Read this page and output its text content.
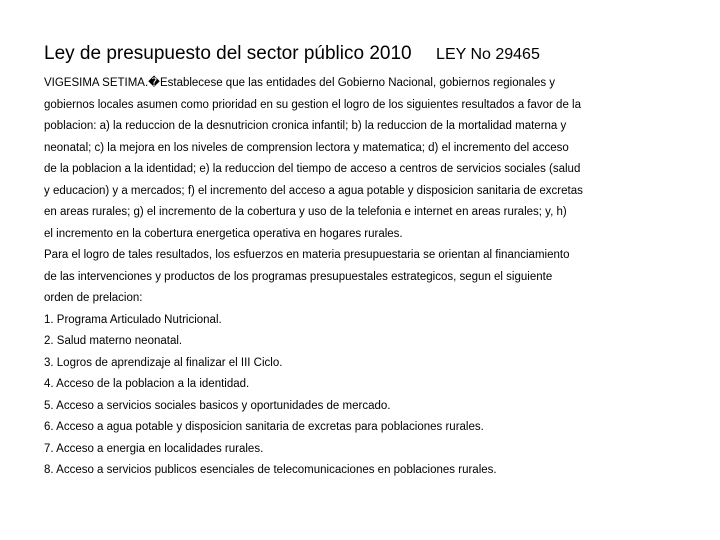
Ley de presupuesto del sector público 2010 LEY No 29465
VIGESIMA SETIMA.�Establecese que las entidades del Gobierno Nacional, gobiernos regionales y
gobiernos locales asumen como prioridad en su gestion el logro de los siguientes resultados a favor de la
poblacion: a) la reduccion de la desnutricion cronica infantil; b) la reduccion de la mortalidad materna y
neonatal; c) la mejora en los niveles de comprension lectora y matematica; d) el incremento del acceso
de la poblacion a la identidad; e) la reduccion del tiempo de acceso a centros de servicios sociales (salud
y educacion) y a mercados; f) el incremento del acceso a agua potable y disposicion sanitaria de excretas
en areas rurales; g) el incremento de la cobertura y uso de la telefonia e internet en areas rurales; y, h)
el incremento en la cobertura energetica operativa en hogares rurales.
Para el logro de tales resultados, los esfuerzos en materia presupuestaria se orientan al financiamiento
de las intervenciones y productos de los programas presupuestales estrategicos, segun el siguiente
orden de prelacion:
1. Programa Articulado Nutricional.
2. Salud materno neonatal.
3. Logros de aprendizaje al finalizar el III Ciclo.
4. Acceso de la poblacion a la identidad.
5. Acceso a servicios sociales basicos y oportunidades de mercado.
6. Acceso a agua potable y disposicion sanitaria de excretas para poblaciones rurales.
7. Acceso a energia en localidades rurales.
8. Acceso a servicios publicos esenciales de telecomunicaciones en poblaciones rurales.
